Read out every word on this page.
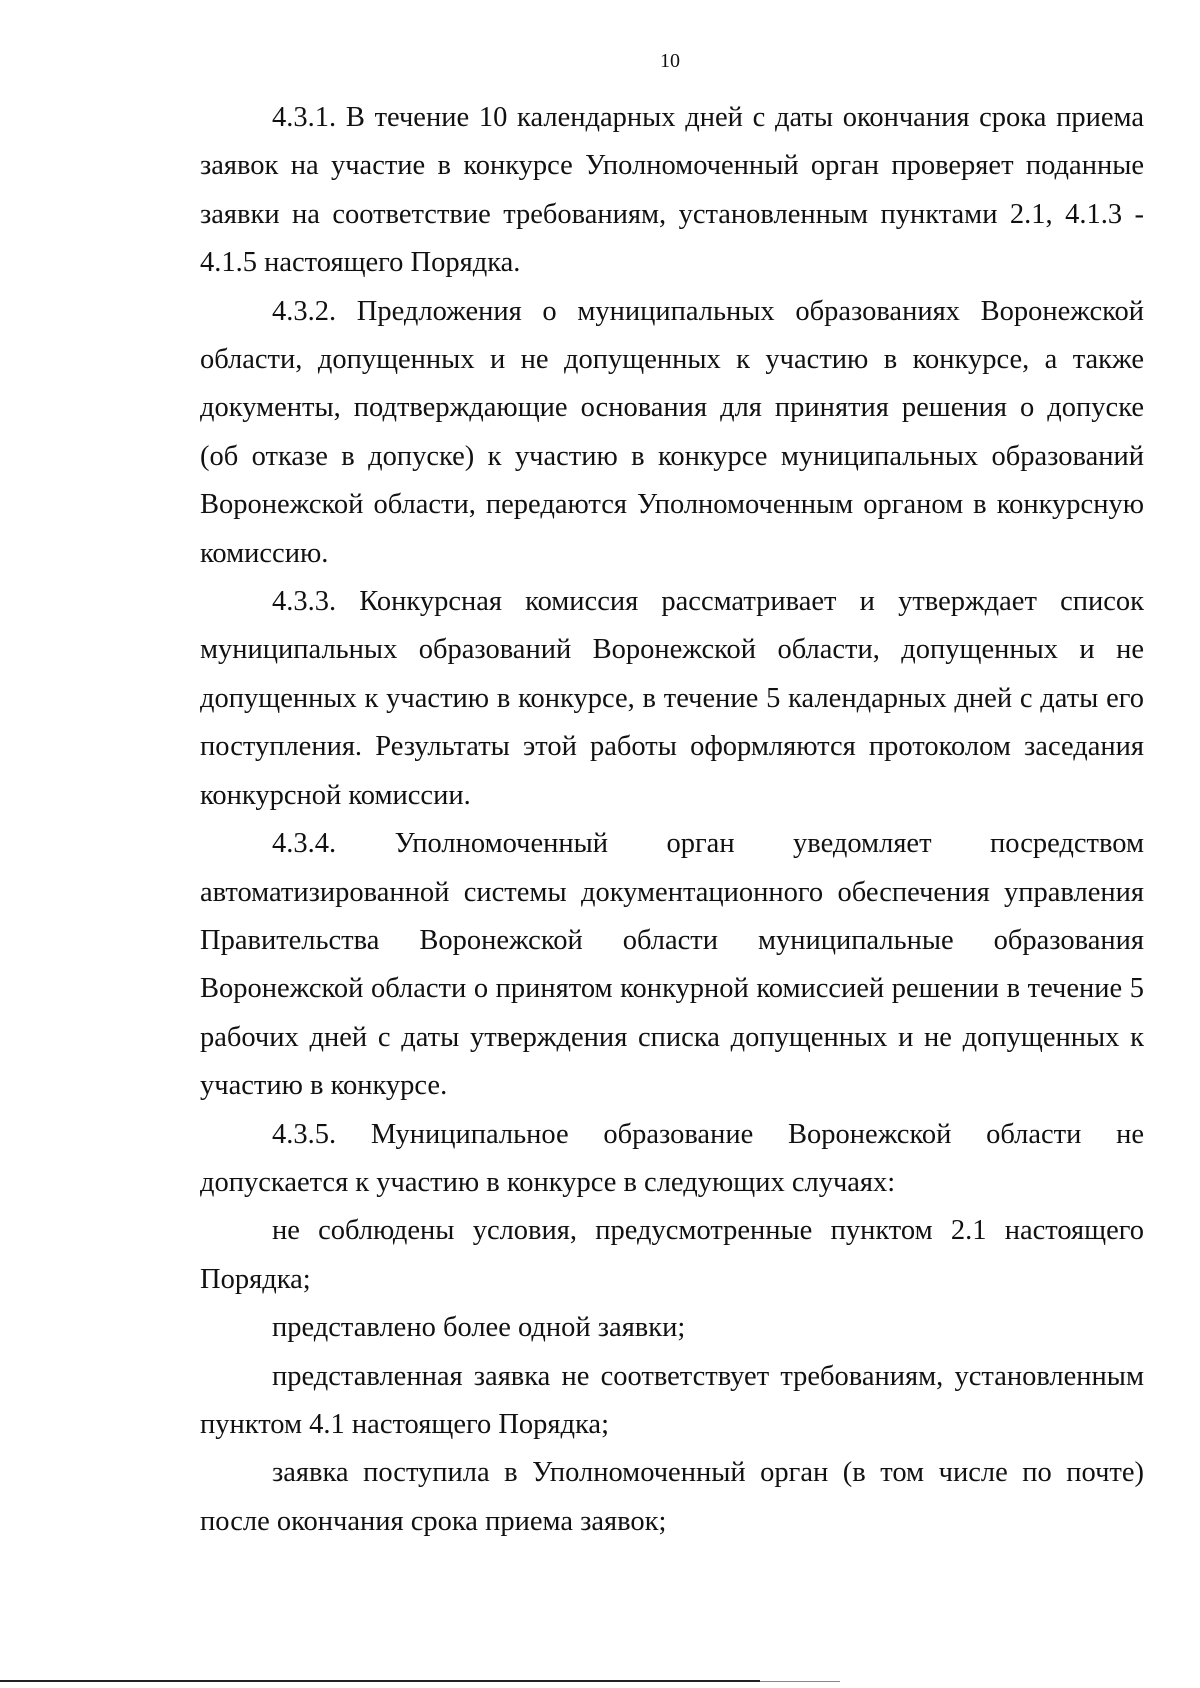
10

4.3.1. В течение 10 календарных дней с даты окончания срока приема заявок на участие в конкурсе Уполномоченный орган проверяет поданные заявки на соответствие требованиям, установленным пунктами 2.1, 4.1.3 - 4.1.5 настоящего Порядка.

4.3.2. Предложения о муниципальных образованиях Воронежской области, допущенных и не допущенных к участию в конкурсе, а также документы, подтверждающие основания для принятия решения о допуске (об отказе в допуске) к участию в конкурсе муниципальных образований Воронежской области, передаются Уполномоченным органом в конкурсную комиссию.

4.3.3. Конкурсная комиссия рассматривает и утверждает список муниципальных образований Воронежской области, допущенных и не допущенных к участию в конкурсе, в течение 5 календарных дней с даты его поступления. Результаты этой работы оформляются протоколом заседания конкурсной комиссии.

4.3.4. Уполномоченный орган уведомляет посредством автоматизированной системы документационного обеспечения управления Правительства Воронежской области муниципальные образования Воронежской области о принятом конкурной комиссией решении в течение 5 рабочих дней с даты утверждения списка допущенных и не допущенных к участию в конкурсе.

4.3.5. Муниципальное образование Воронежской области не допускается к участию в конкурсе в следующих случаях:

не соблюдены условия, предусмотренные пунктом 2.1 настоящего Порядка;

представлено более одной заявки;

представленная заявка не соответствует требованиям, установленным пунктом 4.1 настоящего Порядка;

заявка поступила в Уполномоченный орган (в том числе по почте) после окончания срока приема заявок;
